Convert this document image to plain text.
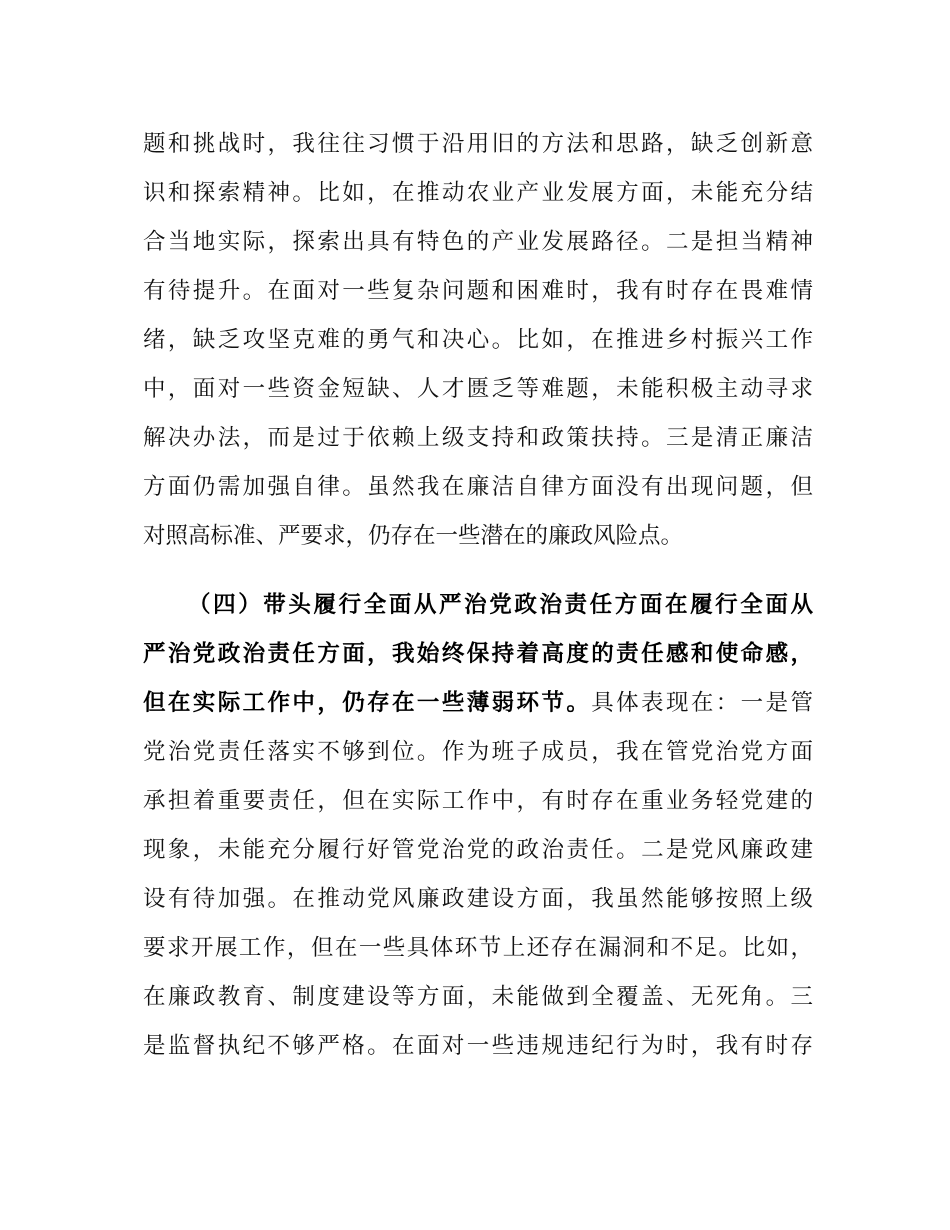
题和挑战时，我往往习惯于沿用旧的方法和思路，缺乏创新意
识和探索精神。比如，在推动农业产业发展方面，未能充分结
合当地实际，探索出具有特色的产业发展路径。二是担当精神
有待提升。在面对一些复杂问题和困难时，我有时存在畏难情
绪，缺乏攻坚克难的勇气和决心。比如，在推进乡村振兴工作
中，面对一些资金短缺、人才匮乏等难题，未能积极主动寻求
解决办法，而是过于依赖上级支持和政策扶持。三是清正廉洁
方面仍需加强自律。虽然我在廉洁自律方面没有出现问题，但
对照高标准、严要求，仍存在一些潜在的廉政风险点。
（四）带头履行全面从严治党政治责任方面在履行全面从
严治党政治责任方面，我始终保持着高度的责任感和使命感，
但在实际工作中，仍存在一些薄弱环节。具体表现在：一是管
党治党责任落实不够到位。作为班子成员，我在管党治党方面
承担着重要责任，但在实际工作中，有时存在重业务轻党建的
现象，未能充分履行好管党治党的政治责任。二是党风廉政建
设有待加强。在推动党风廉政建设方面，我虽然能够按照上级
要求开展工作，但在一些具体环节上还存在漏洞和不足。比如，
在廉政教育、制度建设等方面，未能做到全覆盖、无死角。三
是监督执纪不够严格。在面对一些违规违纪行为时，我有时存
